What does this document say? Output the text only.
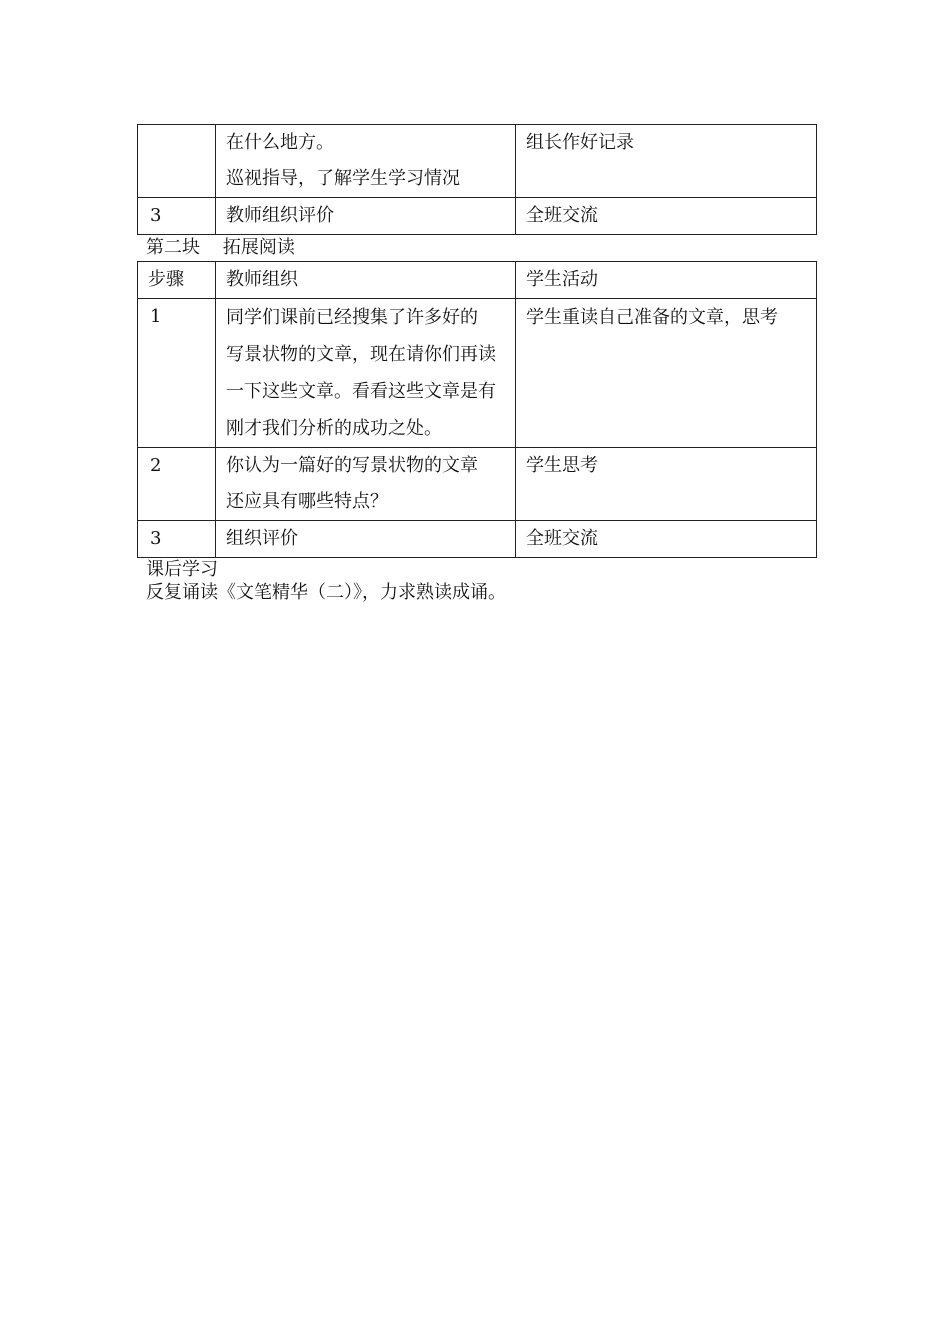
	在什么地方。
巡视指导，了解学生学习情况	组长作好记录

3	教师组织评价	全班交流
第二块    拓展阅读
步骤	教师组织	学生活动
1	同学们课前已经搜集了许多好的
写景状物的文章，现在请你们再读
一下这些文章。看看这些文章是有
刚才我们分析的成功之处。	学生重读自己准备的文章，思考

2	你认为一篇好的写景状物的文章
还应具有哪些特点？	学生思考

3	组织评价	全班交流
课后学习
反复诵读《文笔精华（二）》，力求熟读成诵。
